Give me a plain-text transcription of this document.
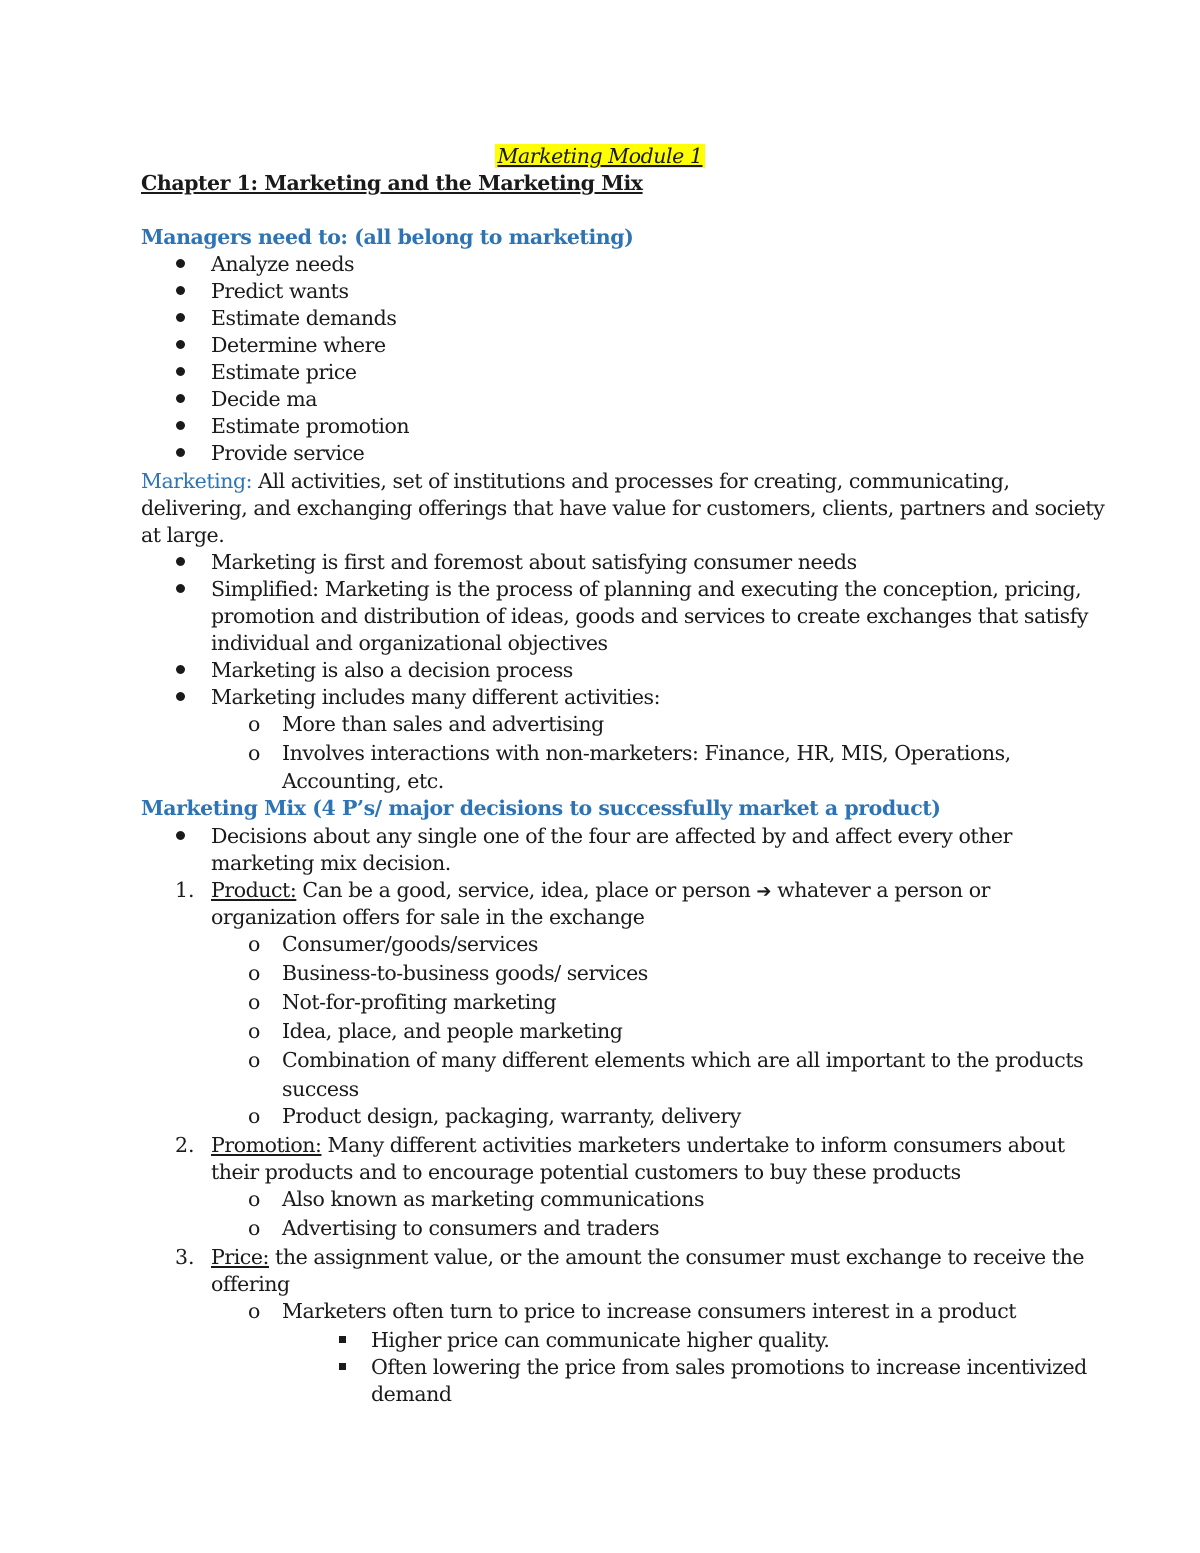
Marketing Module 1

Chapter 1: Marketing and the Marketing Mix

Managers need to: (all belong to marketing)

Analyze needs

Predict wants

Estimate demands

Determine where

Estimate price

Decide ma

Estimate promotion

Provide service

Marketing: All activities, set of institutions and processes for creating, communicating,

delivering, and exchanging offerings that have value for customers, clients, partners and society

at large.

Marketing is first and foremost about satisfying consumer needs

Simplified: Marketing is the process of planning and executing the conception, pricing,

promotion and distribution of ideas, goods and services to create exchanges that satisfy

individual and organizational objectives

Marketing is also a decision process

Marketing includes many different activities:

o More than sales and advertising

o Involves interactions with non-marketers: Finance, HR, MIS, Operations,

Accounting, etc.

Marketing Mix (4 P’s/ major decisions to successfully market a product)

Decisions about any single one of the four are affected by and affect every other

marketing mix decision.

1. Product: Can be a good, service, idea, place or person ➔ whatever a person or

organization offers for sale in the exchange

o Consumer/goods/services

o Business-to-business goods/ services

o Not-for-profiting marketing

o Idea, place, and people marketing

o Combination of many different elements which are all important to the products

success

o Product design, packaging, warranty, delivery

2. Promotion: Many different activities marketers undertake to inform consumers about

their products and to encourage potential customers to buy these products

o Also known as marketing communications

o Advertising to consumers and traders

3. Price: the assignment value, or the amount the consumer must exchange to receive the

offering

o Marketers often turn to price to increase consumers interest in a product

Higher price can communicate higher quality.

Often lowering the price from sales promotions to increase incentivized

demand
